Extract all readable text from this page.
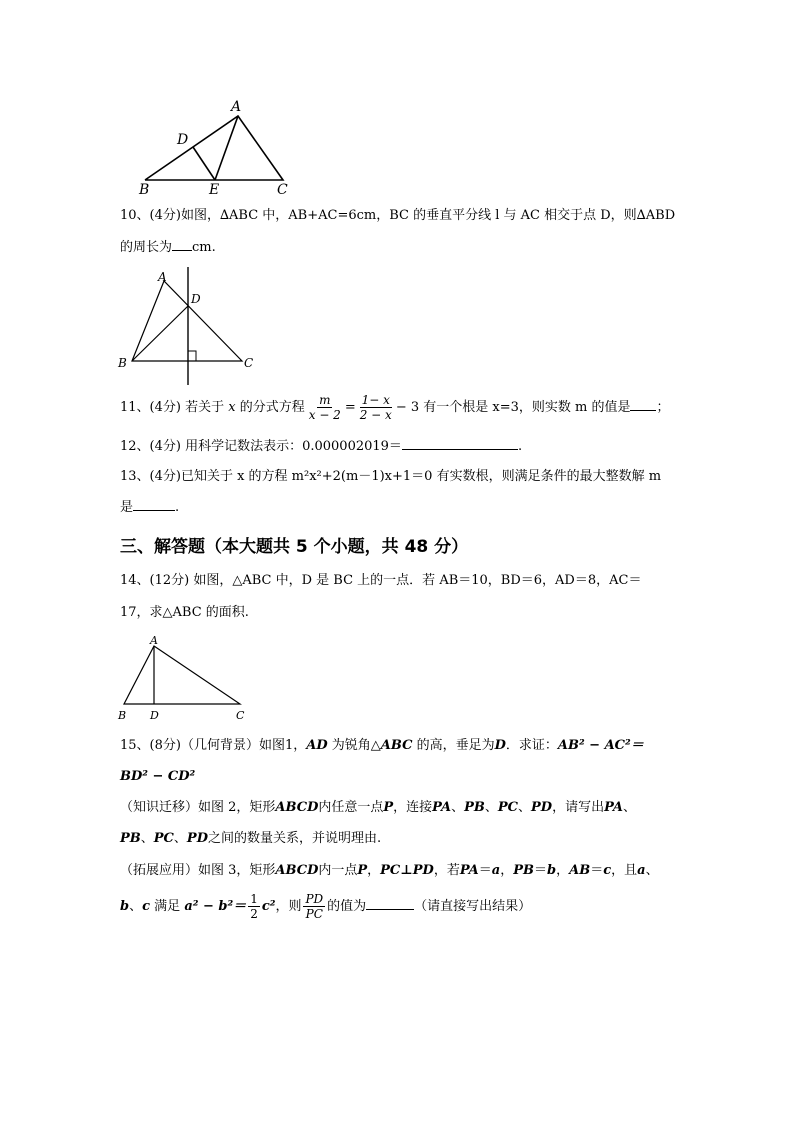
A
B	C
D
E
10、(4分)如图，∆ABC 中，AB+AC=6cm，BC 的垂直平分线 l 与 AC 相交于点 D，则∆ABD
的周长为 cm.
A
D
B	C
11、(4分) 若关于 x 的分式方程 $\frac{m}{x - 2} = \frac{1- x}{2 - x} - 3$ 有一个根是 x=3，则实数 m 的值是 ；
12、(4分) 用科学记数法表示：0.000002019＝	.
13、(4分)已知关于 x 的方程 m²x²+2(m－1)x+1＝0 有实数根，则满足条件的最大整数解 m
是	.
三、解答题（本大题共 5 个小题，共 48 分）
14、(12分) 如图，△ABC 中，D 是 BC 上的一点．若 AB＝10，BD＝6，AD＝8，AC＝
17，求△ABC 的面积.
A
B D	C
15、(8分)（几何背景）如图1，AD 为锐角△ABC 的高，垂足为D．求证：AB² − AC²＝
BD² − CD²
（知识迁移）如图 2，矩形ABCD内任意一点P，连接PA、PB、PC、PD，请写出PA、
PB、PC、PD之间的数量关系，并说明理由.
（拓展应用）如图 3，矩形ABCD内一点P，PC⊥PD，若PA＝a，PB＝b，AB＝c，且a、
b、c 满足 $a^2 - b^2= \frac{1}{2} c^2$，则 $\frac{PD}{PC}$ 的值为	（请直接写出结果）
